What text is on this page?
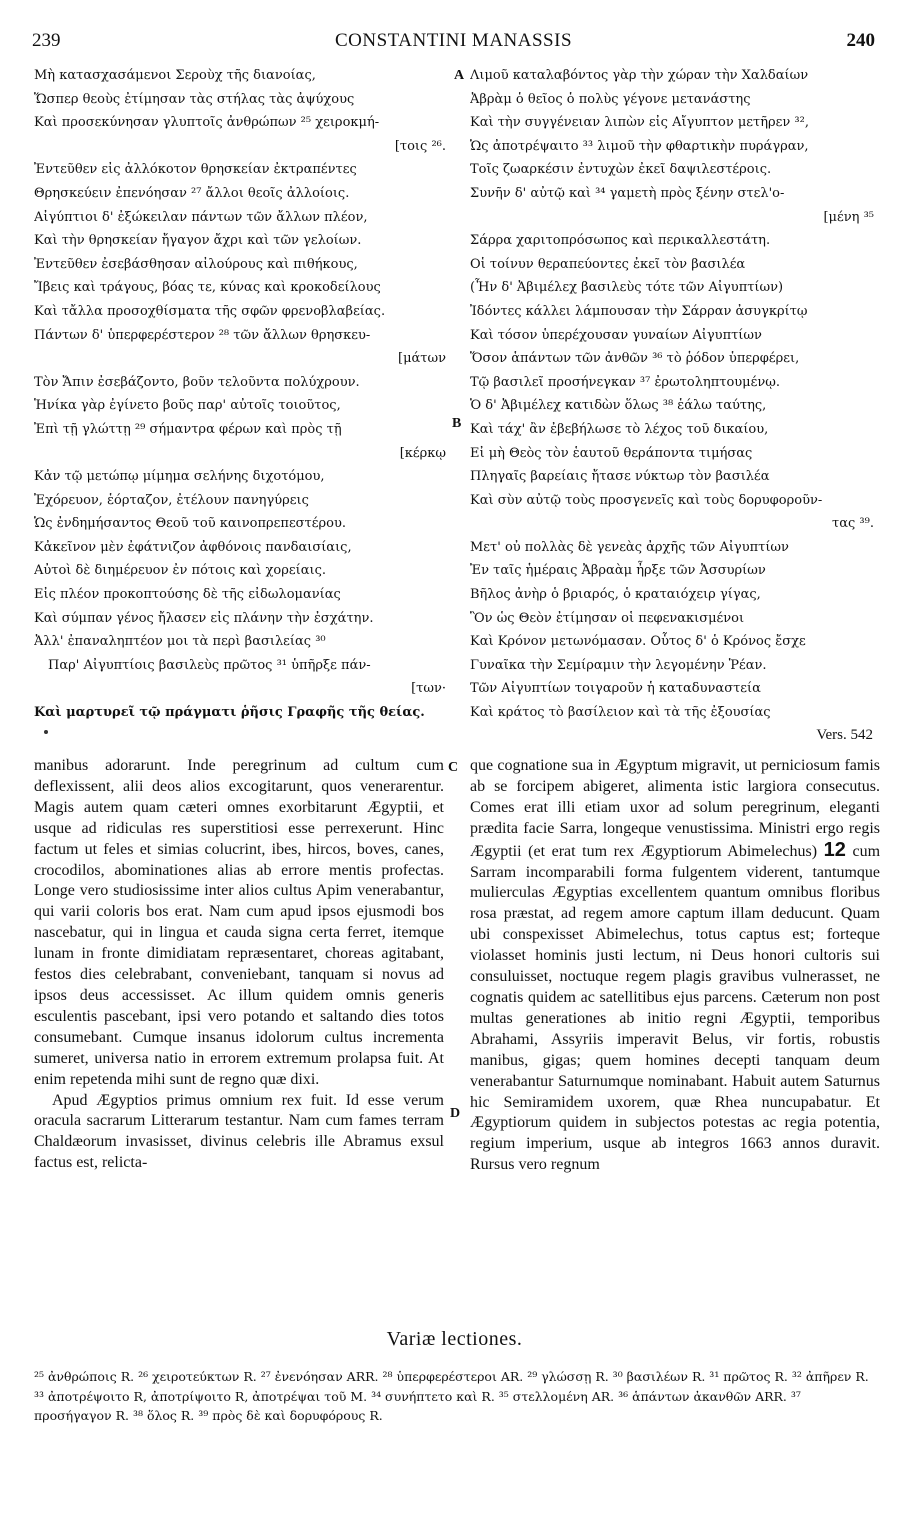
239	CONSTANTINI MANASSIS	240
Μὴ κατασχασάμενοι Σεροὺχ τῆς διανοίας,
Ὥσπερ θεοὺς ἐτίμησαν τὰς στήλας τὰς ἀψύχους
Καὶ προσεκύνησαν γλυπτοῖς ἀνθρώπων ²⁵ χειροκμή-
[τοις ²⁶.
Ἐντεῦθεν εἰς ἀλλόκοτον θρησκείαν ἐκτραπέντες
Θρησκεύειν ἐπενόησαν ²⁷ ἄλλοι θεοῖς ἀλλοίοις.
Αἰγύπτιοι δ' ἐξώκειλαν πάντων τῶν ἄλλων πλέον,
Καὶ τὴν θρησκείαν ἤγαγον ἄχρι καὶ τῶν γελοίων.
Ἐντεῦθεν ἐσεβάσθησαν αἰλούρους καὶ πιθήκους,
Ἴβεις καὶ τράγους, βόας τε, κύνας καὶ κροκοδείλους
Καὶ τἄλλα προσοχθίσματα τῆς σφῶν φρενοβλαβείας.
Πάντων δ' ὑπερφερέστερον ²⁸ τῶν ἄλλων θρησκευ-
[μάτων
Τὸν Ἄπιν ἐσεβάζοντο, βοῦν τελοῦντα πολύχρουν.
Ἡνίκα γὰρ ἐγίνετο βοῦς παρ' αὐτοῖς τοιοῦτος,
Ἐπὶ τῇ γλώττῃ ²⁹ σήμαντρα φέρων καὶ πρὸς τῇ
[κέρκῳ
Κἀν τῷ μετώπῳ μίμημα σελήνης διχοτόμου,
Ἐχόρευον, ἑόρταζον, ἐτέλουν πανηγύρεις
Ὡς ἐνδημήσαντος Θεοῦ τοῦ καινοπρεπεστέρου.
Κἀκεῖνον μὲν ἐφάτνιζον ἀφθόνοις πανδαισίαις,
Αὐτοὶ δὲ διημέρευον ἐν πότοις καὶ χορείαις.
Εἰς πλέον προκοπτούσης δὲ τῆς εἰδωλομανίας
Καὶ σύμπαν γένος ἤλασεν εἰς πλάνην τὴν ἐσχάτην.
Ἀλλ' ἐπαναληπτέον μοι τὰ περὶ βασιλείας ³⁰
Παρ' Αἰγυπτίοις βασιλεὺς πρῶτος ³¹ ὑπῆρξε πάν-
[των·
Καὶ μαρτυρεῖ τῷ πράγματι ῥῆσις Γραφῆς τῆς θείας.
Λιμοῦ καταλαβόντος γὰρ τὴν χώραν τὴν Χαλδαίων
Ἀβρὰμ ὁ θεῖος ὁ πολὺς γέγονε μετανάστης
Καὶ τὴν συγγένειαν λιπὼν εἰς Αἴγυπτον μετῆρεν ³²,
Ὡς ἀποτρέψαιτο ³³ λιμοῦ τὴν φθαρτικὴν πυράγραν,
Τοῖς ζωαρκέσιν ἐντυχὼν ἐκεῖ δαψιλεστέροις.
Συνῆν δ' αὐτῷ καὶ ³⁴ γαμετὴ πρὸς ξένην στελ'ο-
[μένη ³⁵
Σάρρα χαριτοπρόσωπος καὶ περικαλλεστάτη.
Οἱ τοίνυν θεραπεύοντες ἐκεῖ τὸν βασιλέα
(Ἦν δ' Ἀβιμέλεχ βασιλεὺς τότε τῶν Αἰγυπτίων)
Ἰδόντες κάλλει λάμπουσαν τὴν Σάρραν ἀσυγκρίτῳ
Καὶ τόσον ὑπερέχουσαν γυναίων Αἰγυπτίων
Ὅσον ἁπάντων τῶν ἀνθῶν ³⁶ τὸ ῥόδον ὑπερφέρει,
Τῷ βασιλεῖ προσήνεγκαν ³⁷ ἐρωτοληπτουμένῳ.
Ὁ δ' Ἀβιμέλεχ κατιδὼν ὅλως ³⁸ ἑάλω ταύτης,
Καὶ τάχ' ἂν ἐβεβήλωσε τὸ λέχος τοῦ δικαίου,
Εἰ μὴ Θεὸς τὸν ἑαυτοῦ θεράποντα τιμήσας
Πληγαῖς βαρείαις ἤτασε νύκτωρ τὸν βασιλέα
Καὶ σὺν αὐτῷ τοὺς προσγενεῖς καὶ τοὺς δορυφοροῦν-
τας ³⁹.
Μετ' οὐ πολλὰς δὲ γενεὰς ἀρχῆς τῶν Αἰγυπτίων
Ἐν ταῖς ἡμέραις Ἀβραὰμ ἦρξε τῶν Ἀσσυρίων
Βῆλος ἀνὴρ ὁ βριαρός, ὁ κραταιόχειρ γίγας,
Ὃν ὡς Θεὸν ἐτίμησαν οἱ πεφενακισμένοι
Καὶ Κρόνον μετωνόμασαν. Οὗτος δ' ὁ Κρόνος ἔσχε
Γυναῖκα τὴν Σεμίραμιν τὴν λεγομένην Ῥέαν.
Τῶν Αἰγυπτίων τοιγαροῦν ἡ καταδυναστεία
Καὶ κράτος τὸ βασίλειον καὶ τὰ τῆς ἐξουσίας
A
B
C
D
Vers. 542

manibus adorarunt. Inde peregrinum ad cultum cum deflexissent, alii deos alios excogitarunt, quos venerarentur. Magis autem quam cæteri omnes exorbitarunt Ægyptii, et usque ad ridiculas res superstitiosi esse perrexerunt. Hinc factum ut feles et simias colucrint, ibes, hircos, boves, canes, crocodilos, abominationes alias ab errore mentis profectas. Longe vero studiosissime inter alios cultus Apim venerabantur, qui varii coloris bos erat. Nam cum apud ipsos ejusmodi bos nascebatur, qui in lingua et cauda signa certa ferret, itemque lunam in fronte dimidiatam repræsentaret, choreas agitabant, festos dies celebrabant, conveniebant, tanquam si novus ad ipsos deus accessisset. Ac illum quidem omnis generis esculentis pascebant, ipsi vero potando et saltando dies totos consumebant. Cumque insanus idolorum cultus incrementa sumeret, universa natio in errorem extremum prolapsa fuit. At enim repetenda mihi sunt de regno quæ dixi.

Apud Ægyptios primus omnium rex fuit. Id esse verum oracula sacrarum Litterarum testantur. Nam cum fames terram Chaldæorum invasisset, divinus celebris ille Abramus exsul factus est, relicta-

que cognatione sua in Ægyptum migravit, ut perniciosum famis ab se forcipem abigeret, alimenta istic largiora consecutus. Comes erat illi etiam uxor ad solum peregrinum, eleganti prædita facie Sarra, longeque venustissima. Ministri ergo regis Ægyptii (et erat tum rex Ægyptiorum Abimelechus) 12 cum Sarram incomparabili forma fulgentem viderent, tantumque mulierculas Ægyptias excellentem quantum omnibus floribus rosa præstat, ad regem amore captum illam deducunt. Quam ubi conspexisset Abimelechus, totus captus est; forteque violasset hominis justi lectum, ni Deus honori cultoris sui consuluisset, noctuque regem plagis gravibus vulnerasset, ne cognatis quidem ac satellitibus ejus parcens. Cæterum non post multas generationes ab initio regni Ægyptii, temporibus Abrahami, Assyriis imperavit Belus, vir fortis, robustis manibus, gigas; quem homines decepti tanquam deum venerabantur Saturnumque nominabant. Habuit autem Saturnus hic Semiramidem uxorem, quæ Rhea nuncupabatur. Et Ægyptiorum quidem in subjectos potestas ac regia potentia, regium imperium, usque ab integros 1663 annos duravit. Rursus vero regnum

Variæ lectiones.
²⁵ ἀνθρώποις R. ²⁶ χειροτεύκτων R. ²⁷ ἐνενόησαν ARR. ²⁸ ὑπερφερέστεροι AR. ²⁹ γλώσσῃ R. ³⁰ βασιλέων R. ³¹ πρῶτος R. ³² ἀπῆρεν R. ³³ ἀποτρέψοιτο R, ἀποτρίψοιτο R, ἀποτρέψαι τοῦ M. ³⁴ συνήπτετο καὶ R. ³⁵ στελλομένη AR. ³⁶ ἁπάντων ἀκανθῶν ARR. ³⁷ προσήγαγον R. ³⁸ ὅλος R. ³⁹ πρὸς δὲ καὶ δορυφόρους R.
